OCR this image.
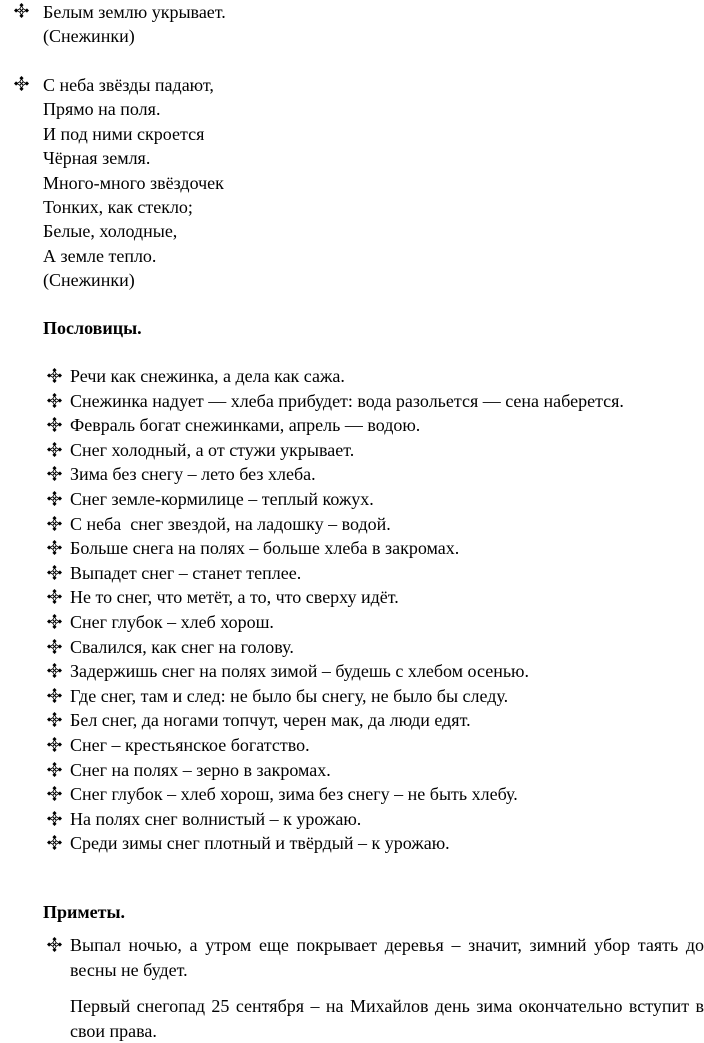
Белым землю укрывает.
(Снежинки)
С неба звёзды падают,
Прямо на поля.
И под ними скроется
Чёрная земля.
Много-много звёздочек
Тонких, как стекло;
Белые, холодные,
А земле тепло.
(Снежинки)
Пословицы.
Речи как снежинка, а дела как сажа.
Снежинка надует — хлеба прибудет: вода разольется — сена наберется.
Февраль богат снежинками, апрель — водою.
Снег холодный, а от стужи укрывает.
Зима без снегу – лето без хлеба.
Снег земле-кормилице – теплый кожух.
С неба  снег звездой, на ладошку – водой.
Больше снега на полях – больше хлеба в закромах.
Выпадет снег – станет теплее.
Не то снег, что метёт, а то, что сверху идёт.
Снег глубок – хлеб хорош.
Свалился, как снег на голову.
Задержишь снег на полях зимой – будешь с хлебом осенью.
Где снег, там и след: не было бы снегу, не было бы следу.
Бел снег, да ногами топчут, черен мак, да люди едят.
Снег – крестьянское богатство.
Снег на полях – зерно в закромах.
Снег глубок – хлеб хорош, зима без снегу – не быть хлебу.
На полях снег волнистый – к урожаю.
Среди зимы снег плотный и твёрдый – к урожаю.
Приметы.
Выпал ночью, а утром еще покрывает деревья – значит, зимний убор таять до весны не будет.
Первый снегопад 25 сентября – на Михайлов день зима окончательно вступит в свои права.
